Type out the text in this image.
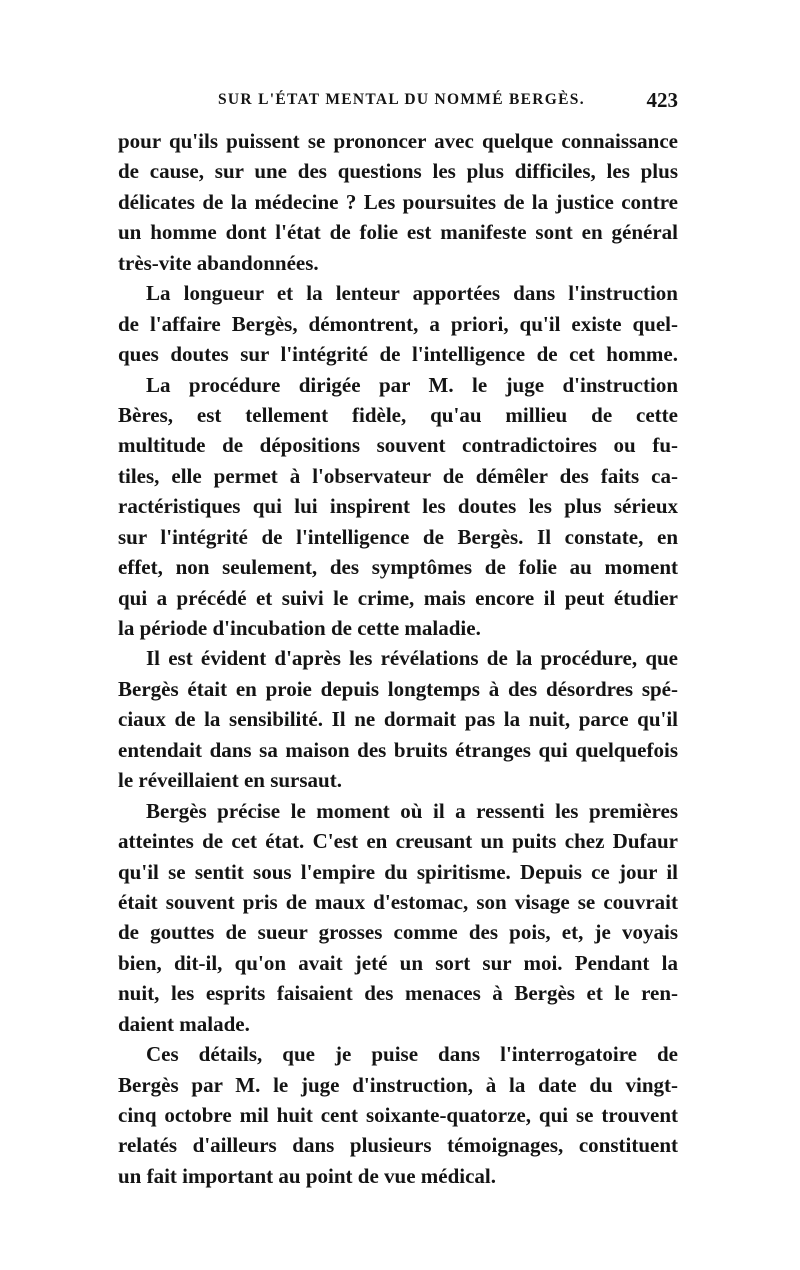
SUR L'ÉTAT MENTAL DU NOMMÉ BERGÈS.	423
pour qu'ils puissent se prononcer avec quelque connaissance
de cause, sur une des questions les plus difficiles, les plus
délicates de la médecine ? Les poursuites de la justice contre
un homme dont l'état de folie est manifeste sont en général
très-vite abandonnées.
La longueur et la lenteur apportées dans l'instruction
de l'affaire Bergès, démontrent, a priori, qu'il existe quel-
ques doutes sur l'intégrité de l'intelligence de cet homme.
La procédure dirigée par M. le juge d'instruction
Bères, est tellement fidèle, qu'au millieu de cette
multitude de dépositions souvent contradictoires ou fu-
tiles, elle permet à l'observateur de démêler des faits ca-
ractéristiques qui lui inspirent les doutes les plus sérieux
sur l'intégrité de l'intelligence de Bergès. Il constate, en
effet, non seulement, des symptômes de folie au moment
qui a précédé et suivi le crime, mais encore il peut étudier
la période d'incubation de cette maladie.
Il est évident d'après les révélations de la procédure, que
Bergès était en proie depuis longtemps à des désordres spé-
ciaux de la sensibilité. Il ne dormait pas la nuit, parce qu'il
entendait dans sa maison des bruits étranges qui quelquefois
le réveillaient en sursaut.
Bergès précise le moment où il a ressenti les premières
atteintes de cet état. C'est en creusant un puits chez Dufaur
qu'il se sentit sous l'empire du spiritisme. Depuis ce jour il
était souvent pris de maux d'estomac, son visage se couvrait
de gouttes de sueur grosses comme des pois, et, je voyais
bien, dit-il, qu'on avait jeté un sort sur moi. Pendant la
nuit, les esprits faisaient des menaces à Bergès et le ren-
daient malade.
Ces détails, que je puise dans l'interrogatoire de
Bergès par M. le juge d'instruction, à la date du vingt-
cinq octobre mil huit cent soixante-quatorze, qui se trouvent
relatés d'ailleurs dans plusieurs témoignages, constituent
un fait important au point de vue médical.
